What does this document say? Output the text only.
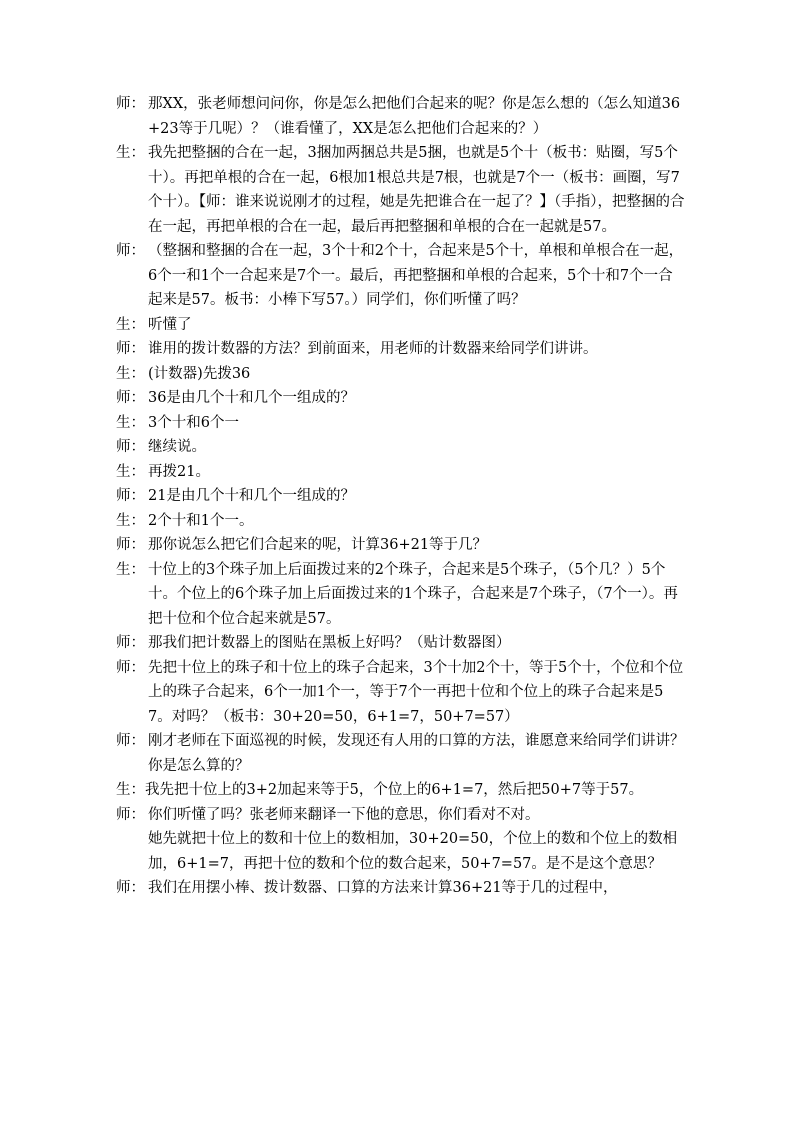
师： 那XX，张老师想问问你，你是怎么把他们合起来的呢？你是怎么想的（怎么知道36+23等于几呢）？（谁看懂了，XX是怎么把他们合起来的？）

生： 我先把整捆的合在一起，3捆加两捆总共是5捆，也就是5个十（板书：贴圈，写5个十）。再把单根的合在一起，6根加1根总共是7根，也就是7个一（板书：画圈，写7个十）。【师：谁来说说刚才的过程，她是先把谁合在一起了？】（手指），把整捆的合在一起，再把单根的合在一起，最后再把整捆和单根的合在一起就是57。

师： （整捆和整捆的合在一起，3个十和2个十，合起来是5个十，单根和单根合在一起，6个一和1个一合起来是7个一。最后，再把整捆和单根的合起来，5个十和7个一合起来是57。板书：小棒下写57。）同学们，你们听懂了吗？

生： 听懂了

师： 谁用的拨计数器的方法？到前面来，用老师的计数器来给同学们讲讲。

生： (计数器)先拨36

师： 36是由几个十和几个一组成的？

生： 3个十和6个一

师： 继续说。

生： 再拨21。

师： 21是由几个十和几个一组成的？

生： 2个十和1个一。

师： 那你说怎么把它们合起来的呢，计算36+21等于几？

生： 十位上的3个珠子加上后面拨过来的2个珠子，合起来是5个珠子，（5个几？）5个十。个位上的6个珠子加上后面拨过来的1个珠子，合起来是7个珠子，（7个一）。再把十位和个位合起来就是57。

师： 那我们把计数器上的图贴在黑板上好吗？（贴计数器图）

师： 先把十位上的珠子和十位上的珠子合起来，3个十加2个十，等于5个十，个位和个位上的珠子合起来，6个一加1个一，等于7个一再把十位和个位上的珠子合起来是57。对吗？（板书：30+20=50，6+1=7，50+7=57）

师： 刚才老师在下面巡视的时候，发现还有人用的口算的方法，谁愿意来给同学们讲讲？你是怎么算的？

生：我先把十位上的3+2加起来等于5，个位上的6+1=7，然后把50+7等于57。

师： 你们听懂了吗？张老师来翻译一下他的意思，你们看对不对。

她先就把十位上的数和十位上的数相加，30+20=50，个位上的数和个位上的数相加，6+1=7，再把十位的数和个位的数合起来，50+7=57。是不是这个意思？

师： 我们在用摆小棒、拨计数器、口算的方法来计算36+21等于几的过程中，
